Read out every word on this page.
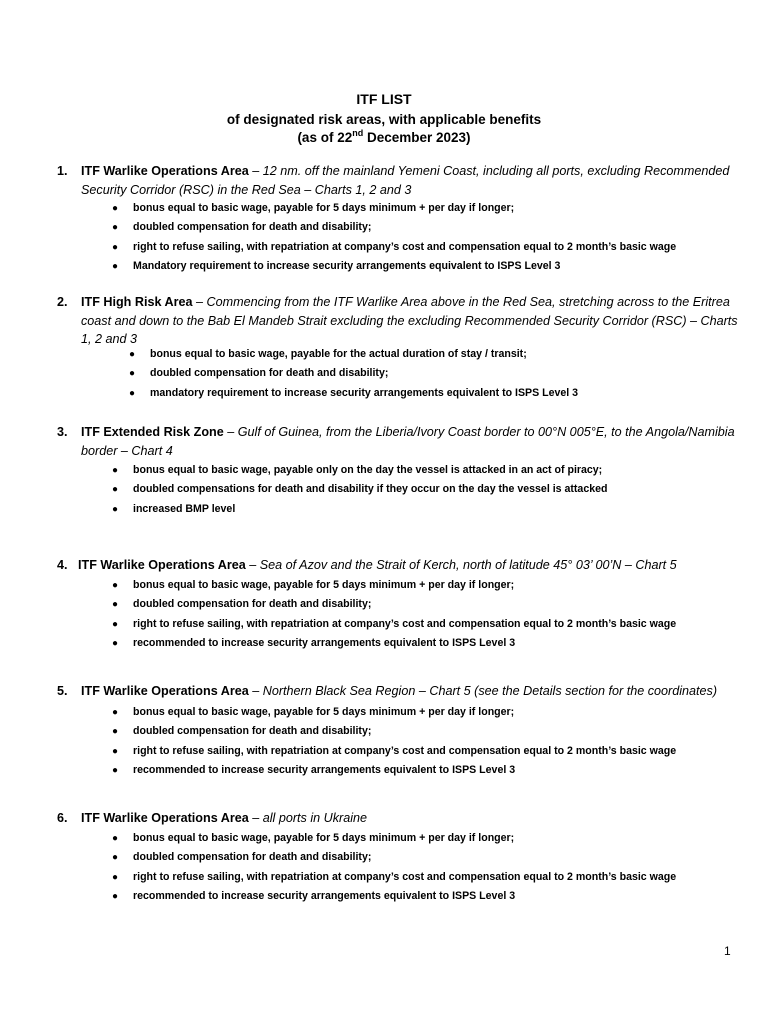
ITF LIST
of designated risk areas, with applicable benefits
(as of 22nd December 2023)
1. ITF Warlike Operations Area – 12 nm. off the mainland Yemeni Coast, including all ports, excluding Recommended Security Corridor (RSC) in the Red Sea – Charts 1, 2 and 3
● bonus equal to basic wage, payable for 5 days minimum + per day if longer;
● doubled compensation for death and disability;
● right to refuse sailing, with repatriation at company’s cost and compensation equal to 2 month’s basic wage
● Mandatory requirement to increase security arrangements equivalent to ISPS Level 3
2. ITF High Risk Area – Commencing from the ITF Warlike Area above in the Red Sea, stretching across to the Eritrea coast and down to the Bab El Mandeb Strait excluding the excluding Recommended Security Corridor (RSC) – Charts 1, 2 and 3
● bonus equal to basic wage, payable for the actual duration of stay / transit;
● doubled compensation for death and disability;
● mandatory requirement to increase security arrangements equivalent to ISPS Level 3
3. ITF Extended Risk Zone – Gulf of Guinea, from the Liberia/Ivory Coast border to 00°N 005°E, to the Angola/Namibia border – Chart 4
● bonus equal to basic wage, payable only on the day the vessel is attacked in an act of piracy;
● doubled compensations for death and disability if they occur on the day the vessel is attacked
● increased BMP level
4. ITF Warlike Operations Area – Sea of Azov and the Strait of Kerch, north of latitude 45° 03’ 00’N – Chart 5
● bonus equal to basic wage, payable for 5 days minimum + per day if longer;
● doubled compensation for death and disability;
● right to refuse sailing, with repatriation at company’s cost and compensation equal to 2 month’s basic wage
● recommended to increase security arrangements equivalent to ISPS Level 3
5. ITF Warlike Operations Area – Northern Black Sea Region – Chart 5 (see the Details section for the coordinates)
● bonus equal to basic wage, payable for 5 days minimum + per day if longer;
● doubled compensation for death and disability;
● right to refuse sailing, with repatriation at company’s cost and compensation equal to 2 month’s basic wage
● recommended to increase security arrangements equivalent to ISPS Level 3
6. ITF Warlike Operations Area – all ports in Ukraine
● bonus equal to basic wage, payable for 5 days minimum + per day if longer;
● doubled compensation for death and disability;
● right to refuse sailing, with repatriation at company’s cost and compensation equal to 2 month’s basic wage
● recommended to increase security arrangements equivalent to ISPS Level 3
1
